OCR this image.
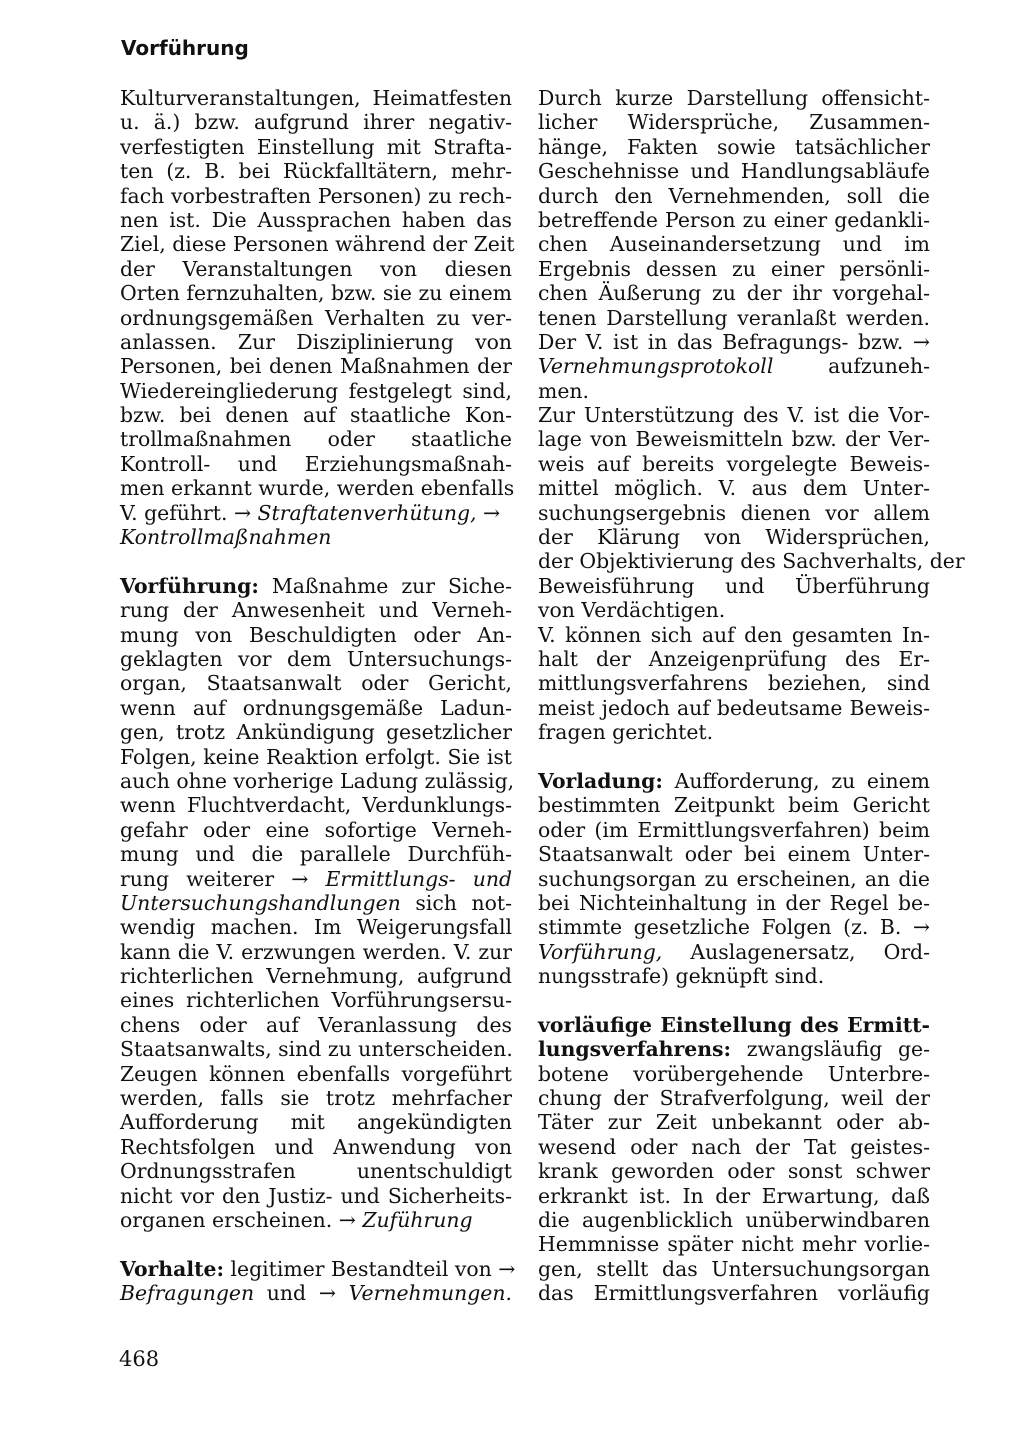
Vorführung
Kulturveranstaltungen, Heimatfesten
u. ä.) bzw. aufgrund ihrer negativ-
verfestigten Einstellung mit Strafta-
ten (z. B. bei Rückfalltätern, mehr-
fach vorbestraften Personen) zu rech-
nen ist. Die Aussprachen haben das
Ziel, diese Personen während der Zeit
der Veranstaltungen von diesen
Orten fernzuhalten, bzw. sie zu einem
ordnungsgemäßen Verhalten zu ver-
anlassen. Zur Disziplinierung von
Personen, bei denen Maßnahmen der
Wiedereingliederung festgelegt sind,
bzw. bei denen auf staatliche Kon-
trollmaßnahmen oder staatliche
Kontroll- und Erziehungsmaßnah-
men erkannt wurde, werden ebenfalls
V. geführt. → Straftatenverhütung, →
Kontrollmaßnahmen
Vorführung: Maßnahme zur Siche-
rung der Anwesenheit und Verneh-
mung von Beschuldigten oder An-
geklagten vor dem Untersuchungs-
organ, Staatsanwalt oder Gericht,
wenn auf ordnungsgemäße Ladun-
gen, trotz Ankündigung gesetzlicher
Folgen, keine Reaktion erfolgt. Sie ist
auch ohne vorherige Ladung zulässig,
wenn Fluchtverdacht, Verdunklungs-
gefahr oder eine sofortige Verneh-
mung und die parallele Durchfüh-
rung weiterer → Ermittlungs- und
Untersuchungshandlungen sich not-
wendig machen. Im Weigerungsfall
kann die V. erzwungen werden. V. zur
richterlichen Vernehmung, aufgrund
eines richterlichen Vorführungsersu-
chens oder auf Veranlassung des
Staatsanwalts, sind zu unterscheiden.
Zeugen können ebenfalls vorgeführt
werden, falls sie trotz mehrfacher
Aufforderung mit angekündigten
Rechtsfolgen und Anwendung von
Ordnungsstrafen unentschuldigt
nicht vor den Justiz- und Sicherheits-
organen erscheinen. → Zuführung
Vorhalte: legitimer Bestandteil von →
Befragungen und → Vernehmungen.
Durch kurze Darstellung offensicht-
licher Widersprüche, Zusammen-
hänge, Fakten sowie tatsächlicher
Geschehnisse und Handlungsabläufe
durch den Vernehmenden, soll die
betreffende Person zu einer gedankli-
chen Auseinandersetzung und im
Ergebnis dessen zu einer persönli-
chen Äußerung zu der ihr vorgehal-
tenen Darstellung veranlaßt werden.
Der V. ist in das Befragungs- bzw. →
Vernehmungsprotokoll	aufzuneh-
men.
Zur Unterstützung des V. ist die Vor-
lage von Beweismitteln bzw. der Ver-
weis auf bereits vorgelegte Beweis-
mittel möglich. V. aus dem Unter-
suchungsergebnis dienen vor allem
der Klärung von Widersprüchen,
der Objektivierung des Sachverhalts, der
Beweisführung und Überführung
von Verdächtigen.
V. können sich auf den gesamten In-
halt der Anzeigenprüfung des Er-
mittlungsverfahrens beziehen, sind
meist jedoch auf bedeutsame Beweis-
fragen gerichtet.
Vorladung: Aufforderung, zu einem
bestimmten Zeitpunkt beim Gericht
oder (im Ermittlungsverfahren) beim
Staatsanwalt oder bei einem Unter-
suchungsorgan zu erscheinen, an die
bei Nichteinhaltung in der Regel be-
stimmte gesetzliche Folgen (z. B. →
Vorführung, Auslagenersatz, Ord-
nungsstrafe) geknüpft sind.
vorläufige Einstellung des Ermitt-
lungsverfahrens: zwangsläufig ge-
botene vorübergehende Unterbre-
chung der Strafverfolgung, weil der
Täter zur Zeit unbekannt oder ab-
wesend oder nach der Tat geistes-
krank geworden oder sonst schwer
erkrankt ist. In der Erwartung, daß
die augenblicklich unüberwindbaren
Hemmnisse später nicht mehr vorlie-
gen, stellt das Untersuchungsorgan
das Ermittlungsverfahren vorläufig
468
